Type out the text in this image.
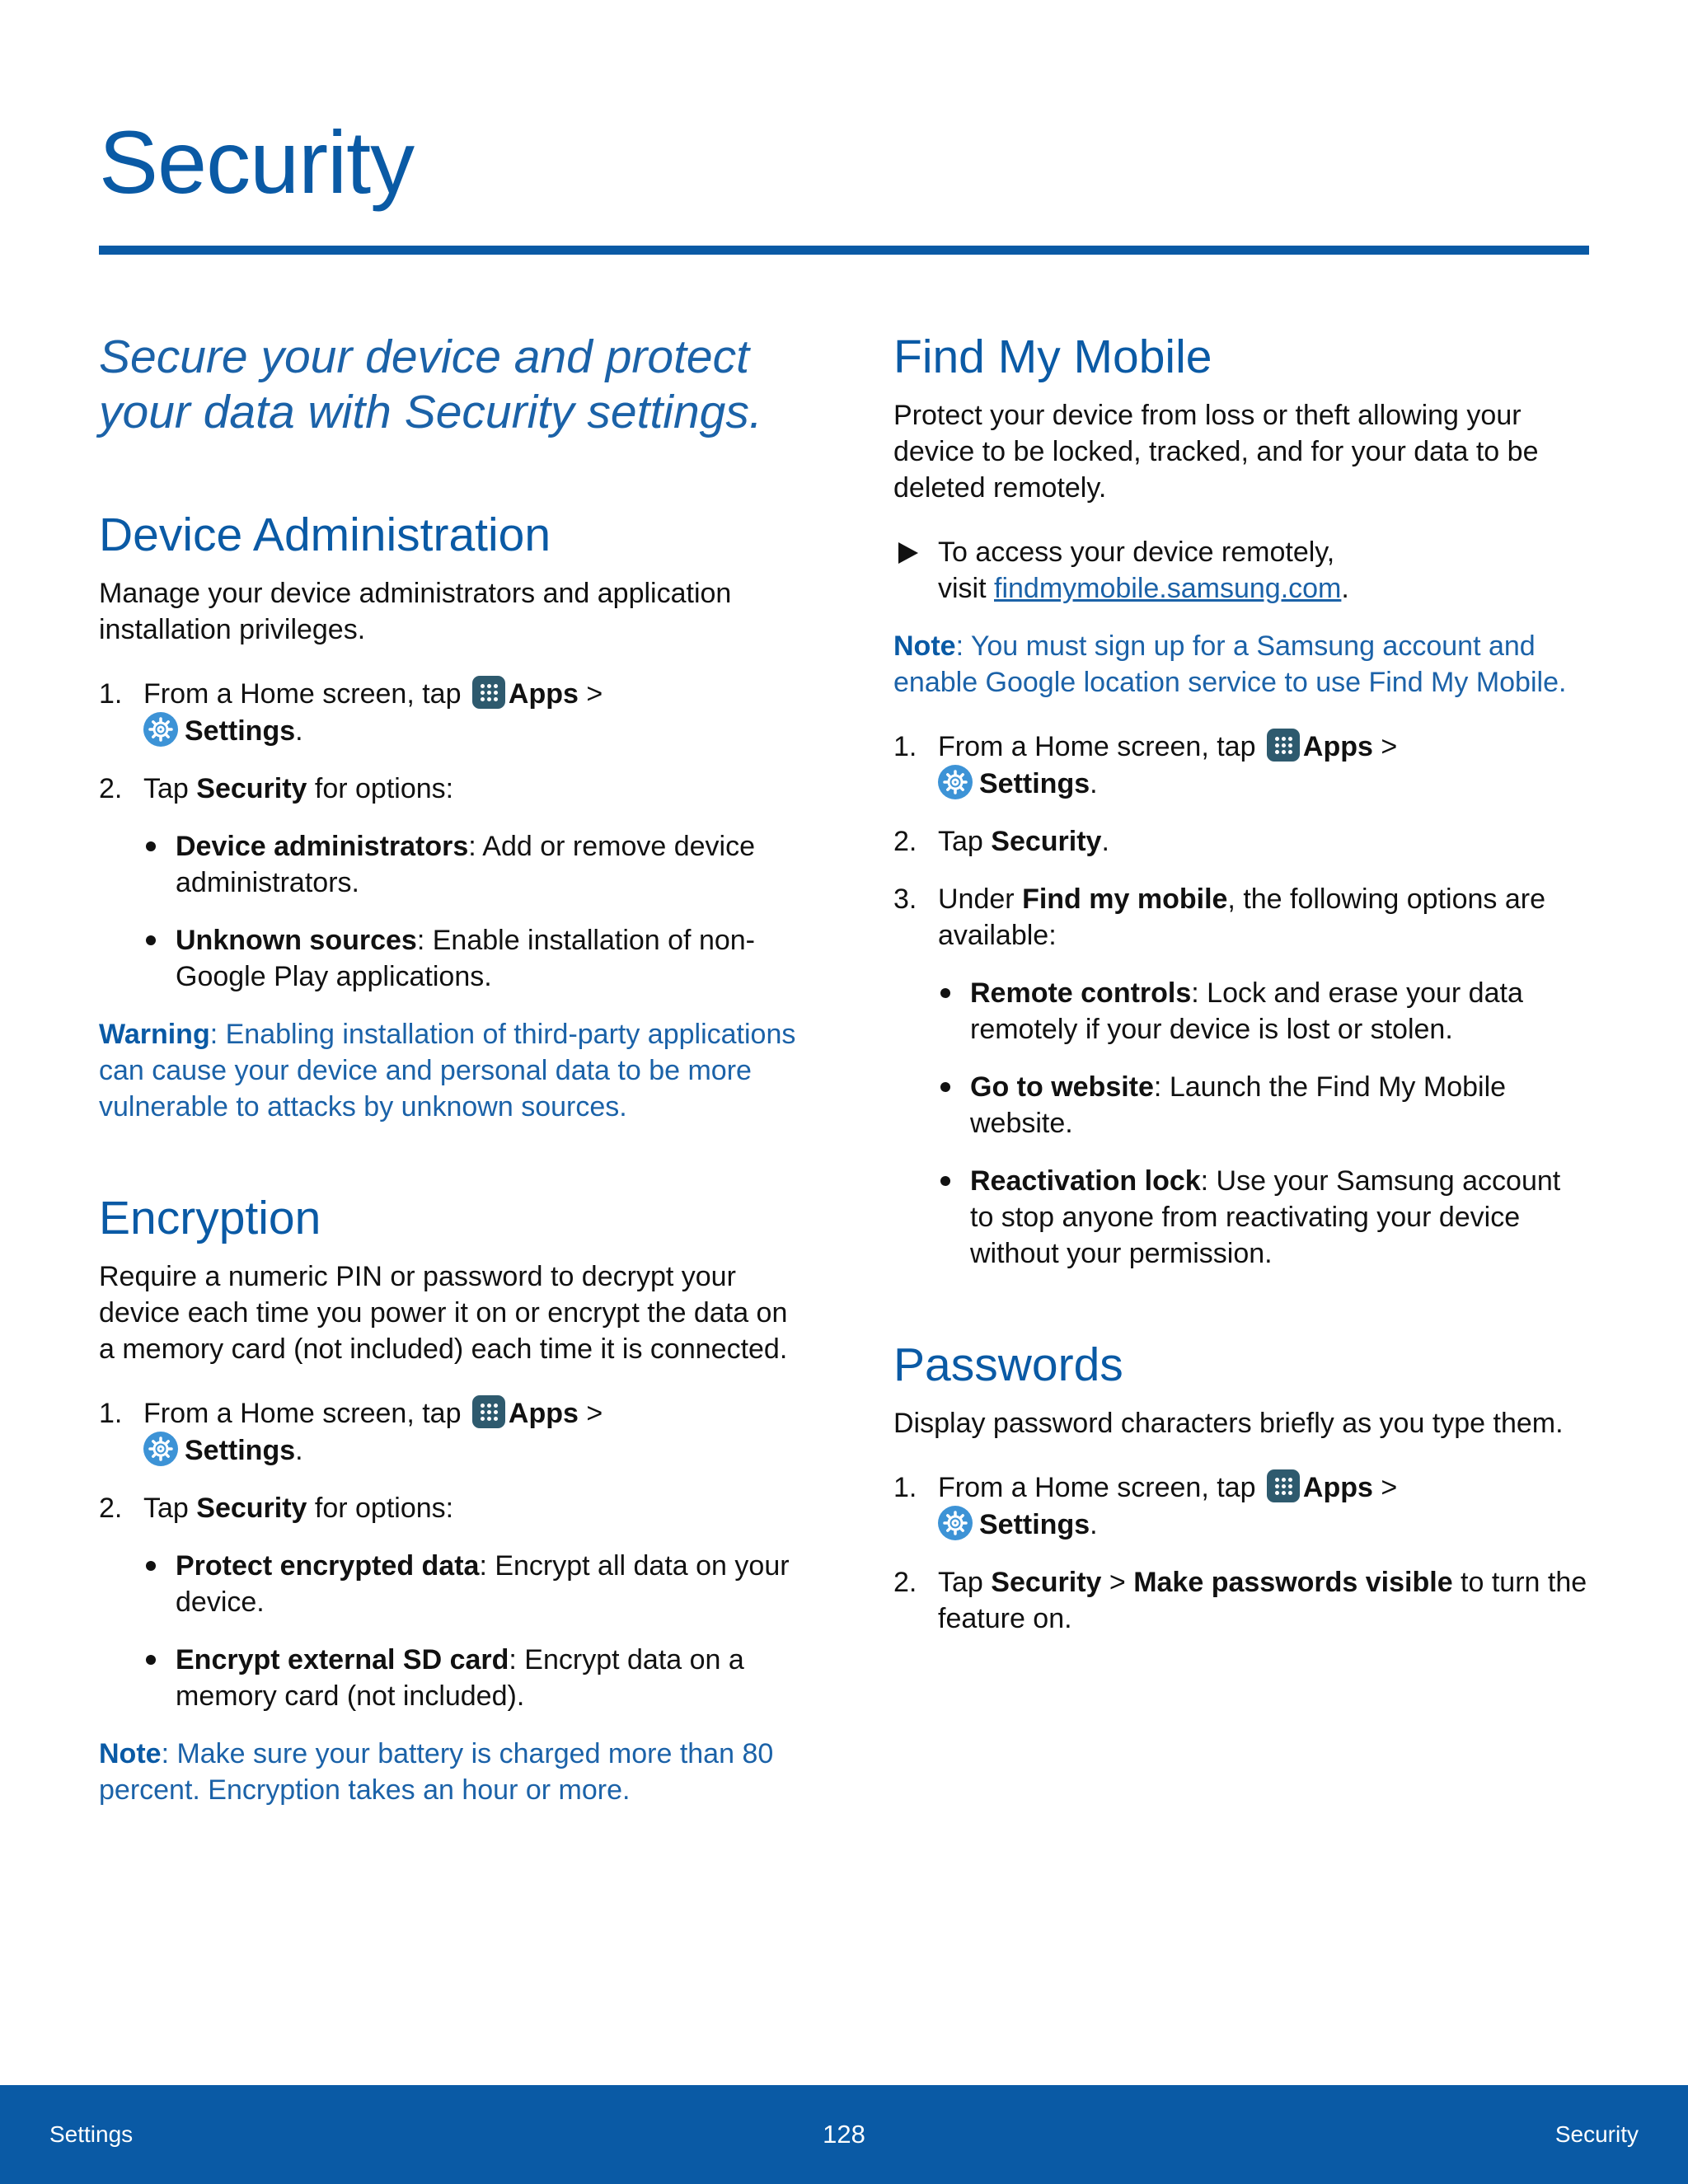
Security
Secure your device and protect your data with Security settings.
Device Administration

Manage your device administrators and application installation privileges.

1. From a Home screen, tap
Apps >

Settings.
2. Tap Security for options:
Device administrators: Add or remove device administrators.
Unknown sources: Enable installation of non-Google Play applications.

Warning: Enabling installation of third-party applications can cause your device and personal data to be more vulnerable to attacks by unknown sources.

Encryption

Require a numeric PIN or password to decrypt your device each time you power it on or encrypt the data on a memory card (not included) each time it is connected.

1. From a Home screen, tap
Apps >

Settings.
2. Tap Security for options:
Protect encrypted data: Encrypt all data on your device.
Encrypt external SD card: Encrypt data on a memory card (not included).

Note: Make sure your battery is charged more than 80 percent. Encryption takes an hour or more.

Find My Mobile

Protect your device from loss or theft allowing your device to be locked, tracked, and for your data to be deleted remotely.

To access your device remotely,
visit findmymobile.samsung.com.

Note: You must sign up for a Samsung account and enable Google location service to use Find My Mobile.

1. From a Home screen, tap
Apps >

Settings.
2. Tap Security.
3. Under Find my mobile, the following options are available:
Remote controls: Lock and erase your data remotely if your device is lost or stolen.
Go to website: Launch the Find My Mobile website.
Reactivation lock: Use your Samsung account to stop anyone from reactivating your device without your permission.
Passwords

Display password characters briefly as you type them.

1. From a Home screen, tap
Apps >

Settings.
2. Tap Security > Make passwords visible to turn the feature on.
Settings	128	Security
